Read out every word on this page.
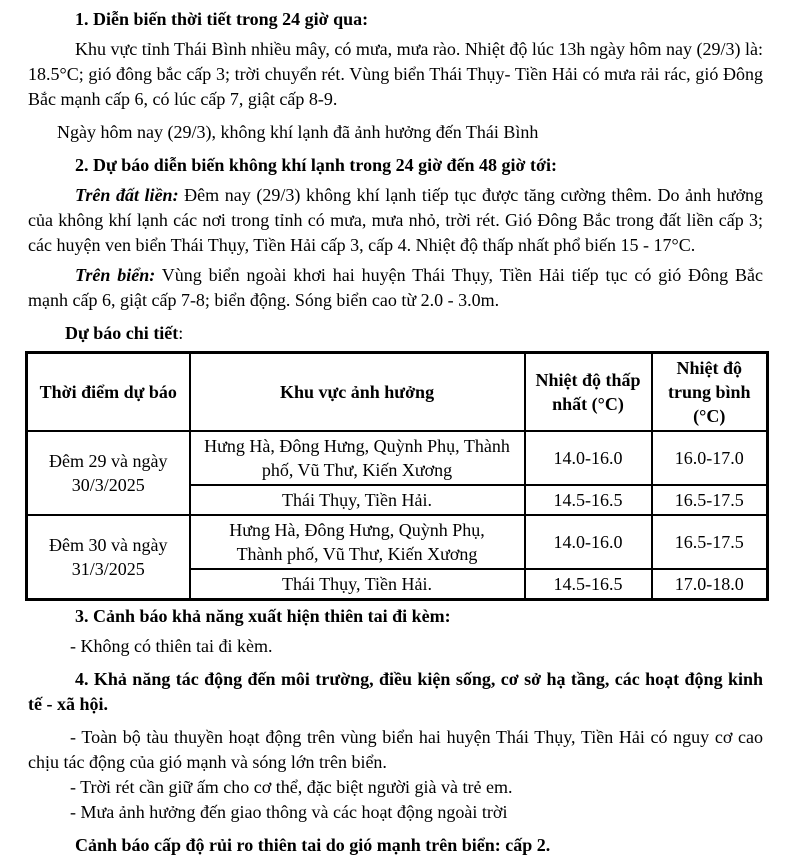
1. Diễn biến thời tiết trong 24 giờ qua:

Khu vực tỉnh Thái Bình nhiều mây, có mưa, mưa rào. Nhiệt độ lúc 13h ngày hôm nay (29/3) là: 18.5°C; gió đông bắc cấp 3; trời chuyển rét. Vùng biển Thái Thụy- Tiền Hải có mưa rải rác, gió Đông Bắc mạnh cấp 6, có lúc cấp 7, giật cấp 8-9.

Ngày hôm nay (29/3), không khí lạnh đã ảnh hưởng đến Thái Bình

2. Dự báo diễn biến không khí lạnh trong 24 giờ đến 48 giờ tới:

Trên đất liền: Đêm nay (29/3) không khí lạnh tiếp tục được tăng cường thêm. Do ảnh hưởng của không khí lạnh các nơi trong tỉnh có mưa, mưa nhỏ, trời rét. Gió Đông Bắc trong đất liền cấp 3; các huyện ven biển Thái Thụy, Tiền Hải cấp 3, cấp 4. Nhiệt độ thấp nhất phổ biến 15 - 17°C.

Trên biển: Vùng biển ngoài khơi hai huyện Thái Thụy, Tiền Hải tiếp tục có gió Đông Bắc mạnh cấp 6, giật cấp 7-8; biển động. Sóng biển cao từ 2.0 - 3.0m.

Dự báo chi tiết:

Thời điểm dự báo	Khu vực ảnh hưởng	Nhiệt độ thấp nhất (°C)	Nhiệt độ trung bình (°C)

Đêm 29 và ngày
30/3/2025	Hưng Hà, Đông Hưng, Quỳnh Phụ, Thành
phố, Vũ Thư, Kiến Xương	14.0-16.0	16.0-17.0
	Thái Thụy, Tiền Hải.	14.5-16.5	16.5-17.5

Đêm 30 và ngày
31/3/2025	Hưng Hà, Đông Hưng, Quỳnh Phụ,
Thành phố, Vũ Thư, Kiến Xương	14.0-16.0	16.5-17.5
	Thái Thụy, Tiền Hải.	14.5-16.5	17.0-18.0

3. Cảnh báo khả năng xuất hiện thiên tai đi kèm:

- Không có thiên tai đi kèm.

4. Khả năng tác động đến môi trường, điều kiện sống, cơ sở hạ tầng, các hoạt động kinh tế - xã hội.

- Toàn bộ tàu thuyền hoạt động trên vùng biển hai huyện Thái Thụy, Tiền Hải có nguy cơ cao chịu tác động của gió mạnh và sóng lớn trên biển.

- Trời rét cần giữ ấm cho cơ thể, đặc biệt người già và trẻ em.

- Mưa ảnh hưởng đến giao thông và các hoạt động ngoài trời

Cảnh báo cấp độ rủi ro thiên tai do gió mạnh trên biển: cấp 2.
